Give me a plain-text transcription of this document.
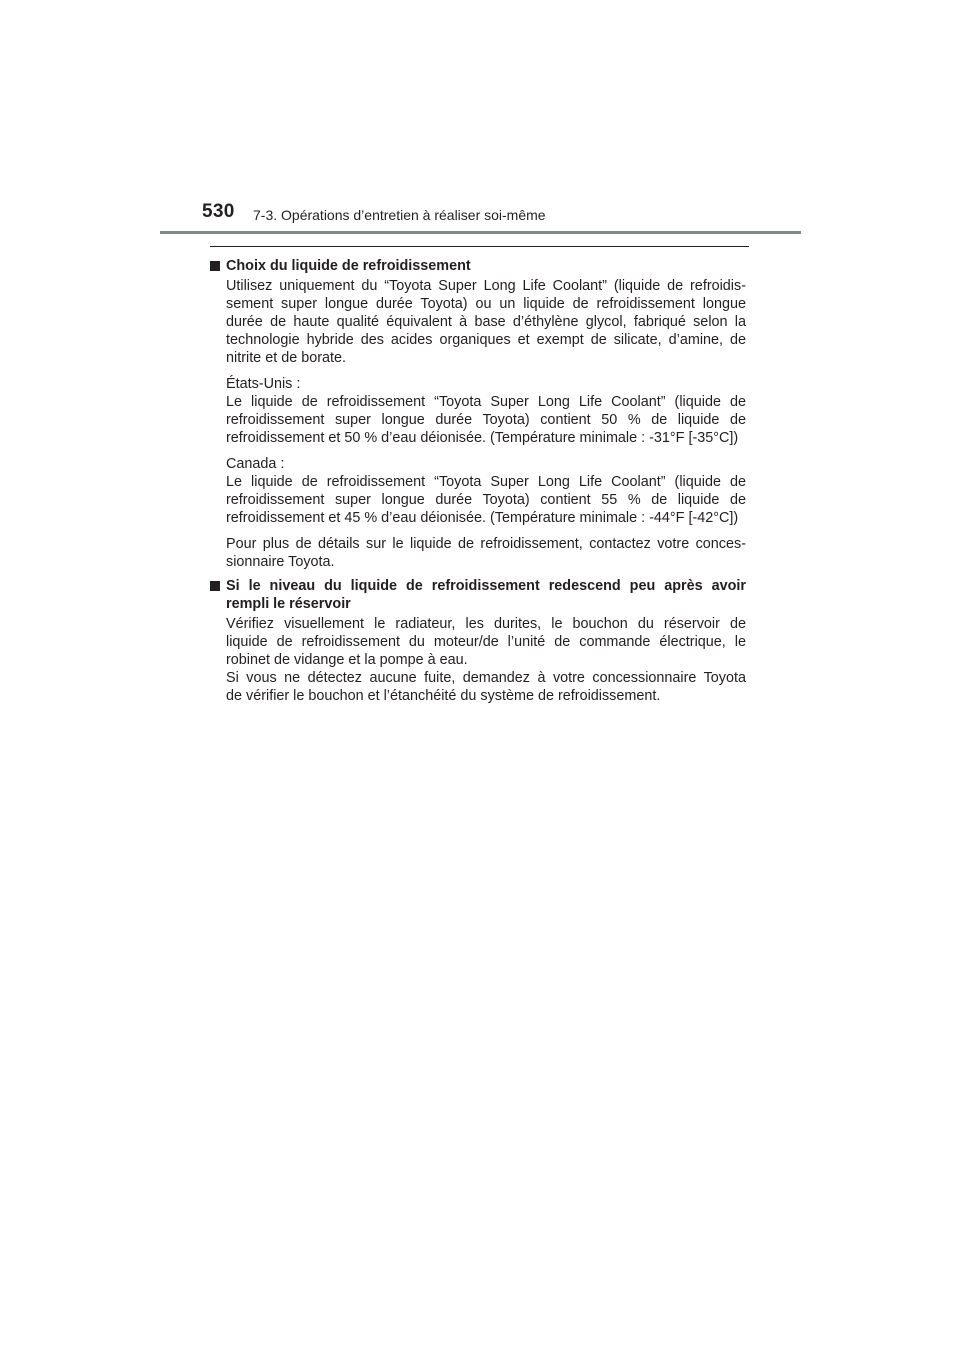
530 7-3. Opérations d’entretien à réaliser soi-même
Choix du liquide de refroidissement
Utilisez uniquement du “Toyota Super Long Life Coolant” (liquide de refroidis-
sement super longue durée Toyota) ou un liquide de refroidissement longue
durée de haute qualité équivalent à base d’éthylène glycol, fabriqué selon la
technologie hybride des acides organiques et exempt de silicate, d’amine, de
nitrite et de borate.
États-Unis :
Le liquide de refroidissement “Toyota Super Long Life Coolant” (liquide de
refroidissement super longue durée Toyota) contient 50 % de liquide de
refroidissement et 50 % d’eau déionisée. (Température minimale : -31°F [-35°C])
Canada :
Le liquide de refroidissement “Toyota Super Long Life Coolant” (liquide de
refroidissement super longue durée Toyota) contient 55 % de liquide de
refroidissement et 45 % d’eau déionisée. (Température minimale : -44°F [-42°C])
Pour plus de détails sur le liquide de refroidissement, contactez votre conces-
sionnaire Toyota.
Si le niveau du liquide de refroidissement redescend peu après avoir
rempli le réservoir
Vérifiez visuellement le radiateur, les durites, le bouchon du réservoir de
liquide de refroidissement du moteur/de l’unité de commande électrique, le
robinet de vidange et la pompe à eau.
Si vous ne détectez aucune fuite, demandez à votre concessionnaire Toyota
de vérifier le bouchon et l’étanchéité du système de refroidissement.
